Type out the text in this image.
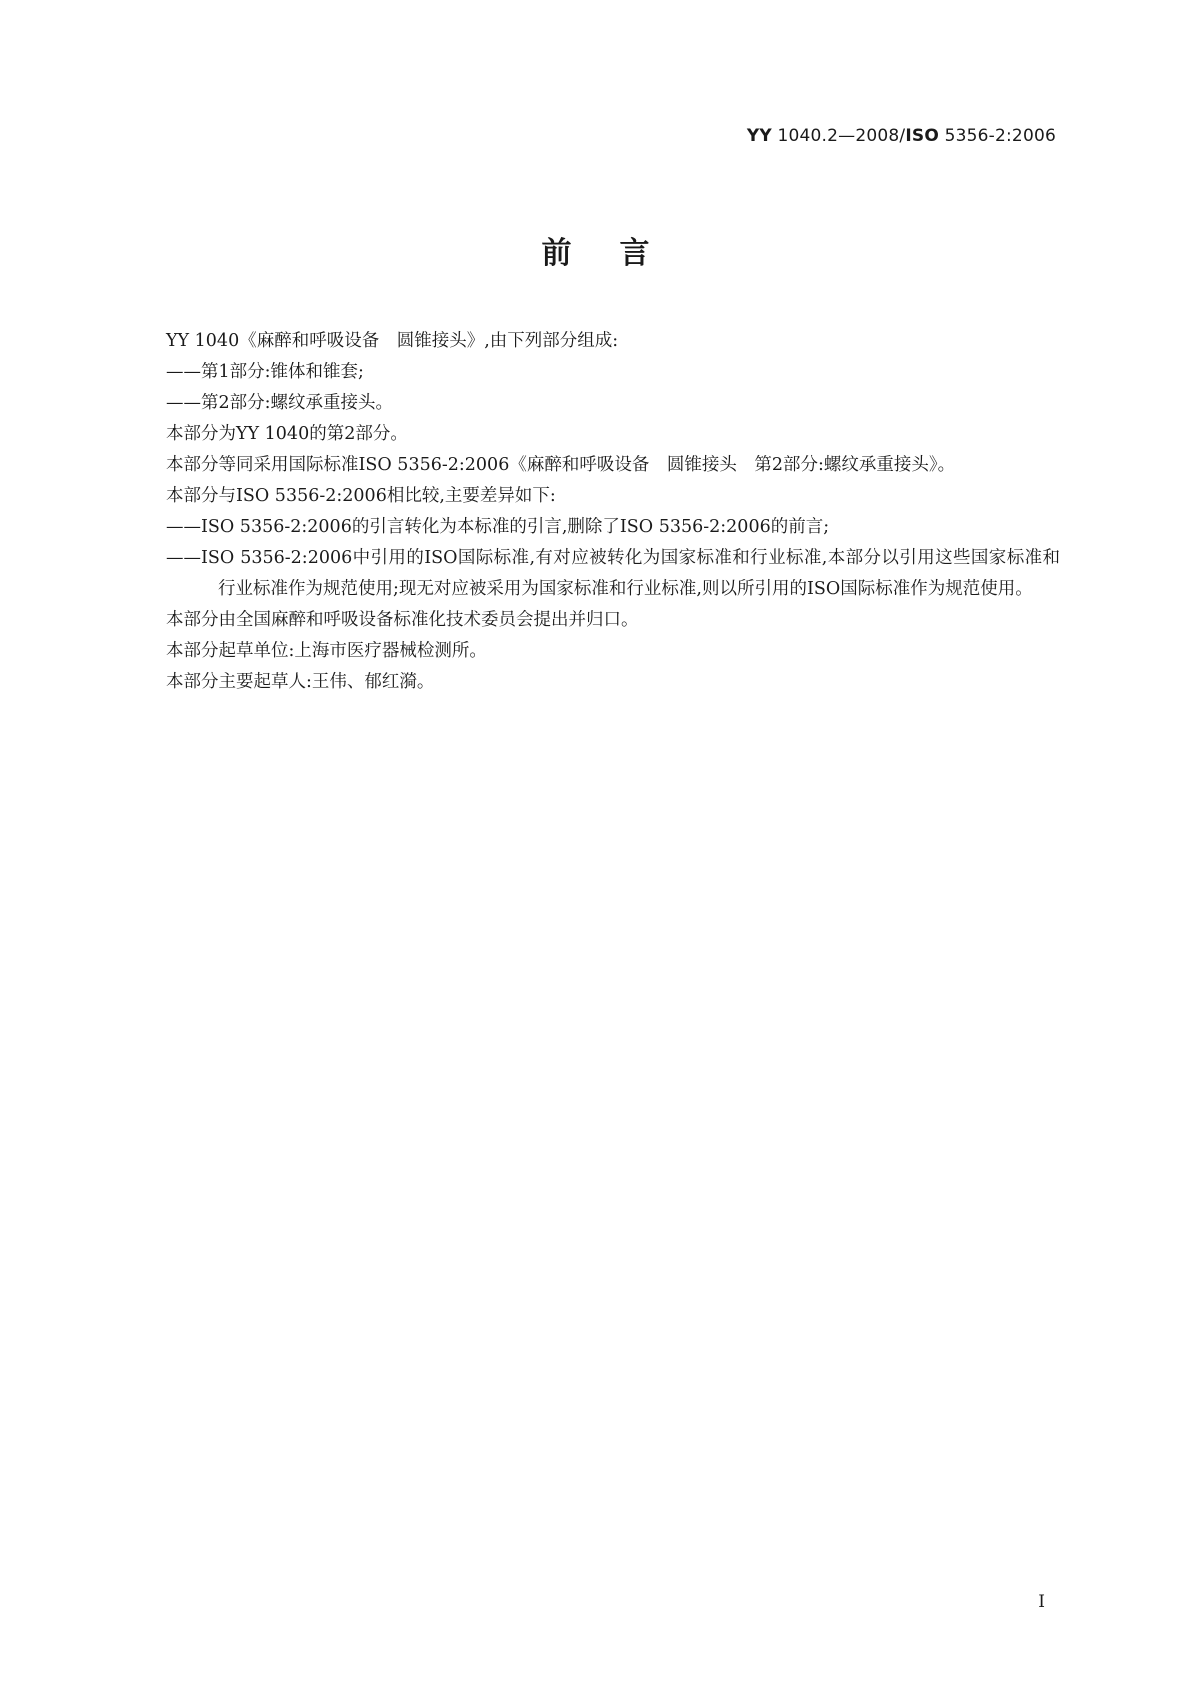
YY 1040.2—2008/ISO 5356-2:2006
前言

YY 1040《麻醉和呼吸设备　圆锥接头》,由下列部分组成:

——第1部分:锥体和锥套;

——第2部分:螺纹承重接头。

本部分为YY 1040的第2部分。

本部分等同采用国际标准ISO 5356-2:2006《麻醉和呼吸设备　圆锥接头　第2部分:螺纹承重接头》。

本部分与ISO 5356-2:2006相比较,主要差异如下:

——ISO 5356-2:2006的引言转化为本标准的引言,删除了ISO 5356-2:2006的前言;

——ISO 5356-2:2006中引用的ISO国际标准,有对应被转化为国家标准和行业标准,本部分以引用这些国家标准和行业标准作为规范使用;现无对应被采用为国家标准和行业标准,则以所引用的ISO国际标准作为规范使用。

本部分由全国麻醉和呼吸设备标准化技术委员会提出并归口。

本部分起草单位:上海市医疗器械检测所。

本部分主要起草人:王伟、郁红漪。

I
